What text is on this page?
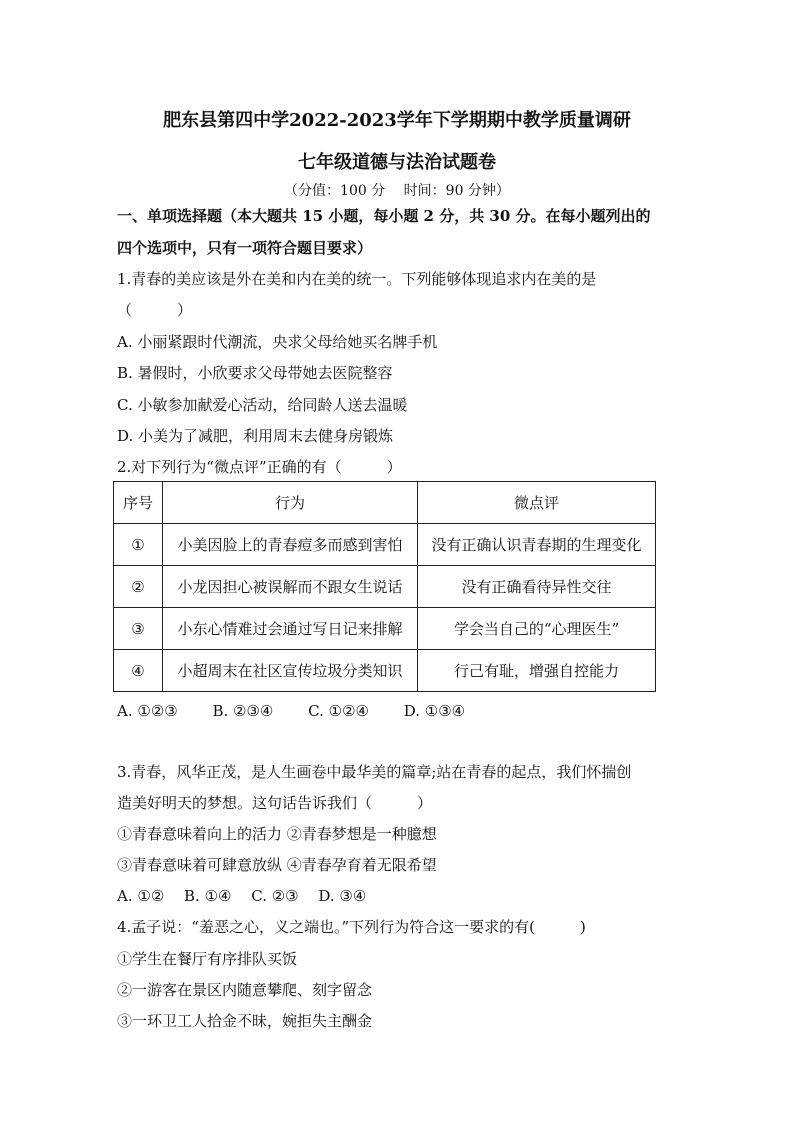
肥东县第四中学2022-2023学年下学期期中教学质量调研
七年级道德与法治试题卷
（分值：100 分　 时间：90 分钟）

一、单项选择题（本大题共 15 小题，每小题 2 分，共 30 分。在每小题列出的

四个选项中，只有一项符合题目要求）

1.青春的美应该是外在美和内在美的统一。下列能够体现追求内在美的是

（　　　）

A. 小丽紧跟时代潮流，央求父母给她买名牌手机

B. 暑假时，小欣要求父母带她去医院整容

C. 小敏参加献爱心活动，给同龄人送去温暖

D. 小美为了减肥，利用周末去健身房锻炼

2.对下列行为“微点评”正确的有（　　　）

序号	行为	微点评
①	小美因脸上的青春痘多而感到害怕	没有正确认识青春期的生理变化
②	小龙因担心被误解而不跟女生说话	没有正确看待异性交往
③	小东心情难过会通过写日记来排解	学会当自己的“心理医生”
④	小超周末在社区宣传垃圾分类知识	行己有耻，增强自控能力

A. ①②③　　 B. ②③④　　 C. ①②④　　 D. ①③④

3.青春，风华正茂，是人生画卷中最华美的篇章;站在青春的起点，我们怀揣创

造美好明天的梦想。这句话告诉我们（　　　）

①青春意味着向上的活力 ②青春梦想是一种臆想

③青春意味着可肆意放纵 ④青春孕育着无限希望

A. ①②　 B. ①④　 C. ②③　 D. ③④

4.孟子说：“羞恶之心，义之端也。”下列行为符合这一要求的有(　　　)

①学生在餐厅有序排队买饭

②一游客在景区内随意攀爬、刻字留念

③一环卫工人拾金不昧，婉拒失主酬金
